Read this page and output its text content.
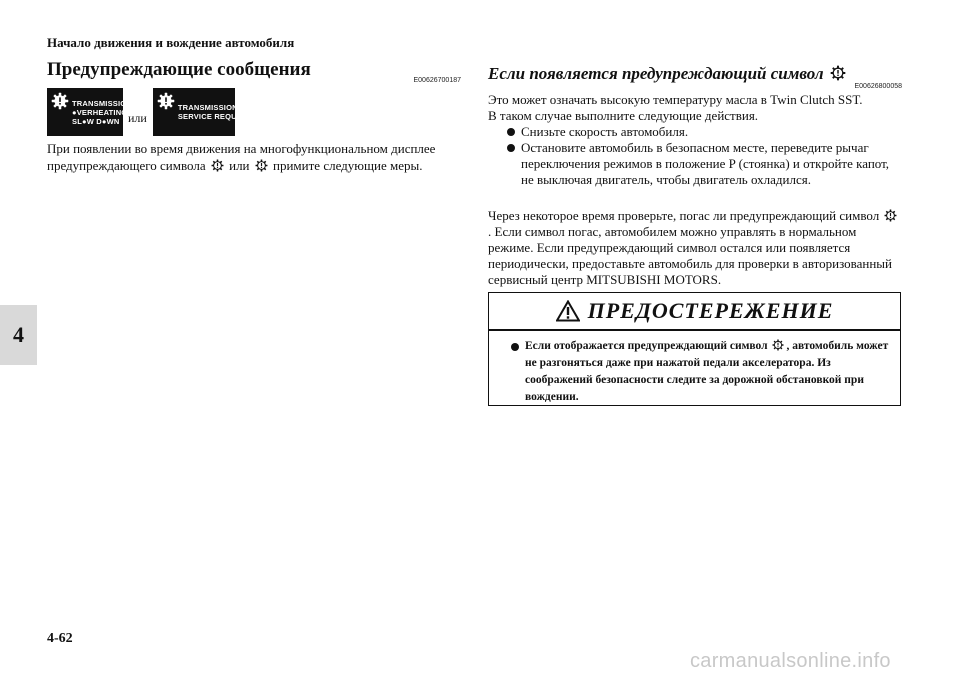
Начало движения и вождение автомобиля
4
Предупреждающие сообщения
E00626700187
TRANSMISSION
●VERHEATING
SL●W D●WN или
TRANSMISSION
SERVICE REQUIRED

При появлении во время движения на многофункциональном дисплее предупреждающего символа или примите следующие меры.

Если появляется предупреждающий символ
E00626800058

Это может означать высокую температуру масла в Twin Clutch SST.

В таком случае выполните следующие действия.

Снизьте скорость автомобиля.
Остановите автомобиль в безопасном месте, переведите рычаг переключения режимов в положение P (стоянка) и откройте капот, не выключая двигатель, чтобы двигатель охладился.

Через некоторое время проверьте, погас ли предупреждающий символ . Если символ погас, автомобилем можно управлять в нормальном режиме. Если предупреждающий символ остался или появляется периодически, предоставьте автомобиль для проверки в авторизованный сервисный центр MITSUBISHI MOTORS.

ПРЕДОСТЕРЕЖЕНИЕ
Если отображается предупреждающий символ , автомобиль может не разгоняться даже при нажатой педали акселератора. Из соображений безопасности следите за дорожной обстановкой при вождении.
4-62
carmanualsonline.info
